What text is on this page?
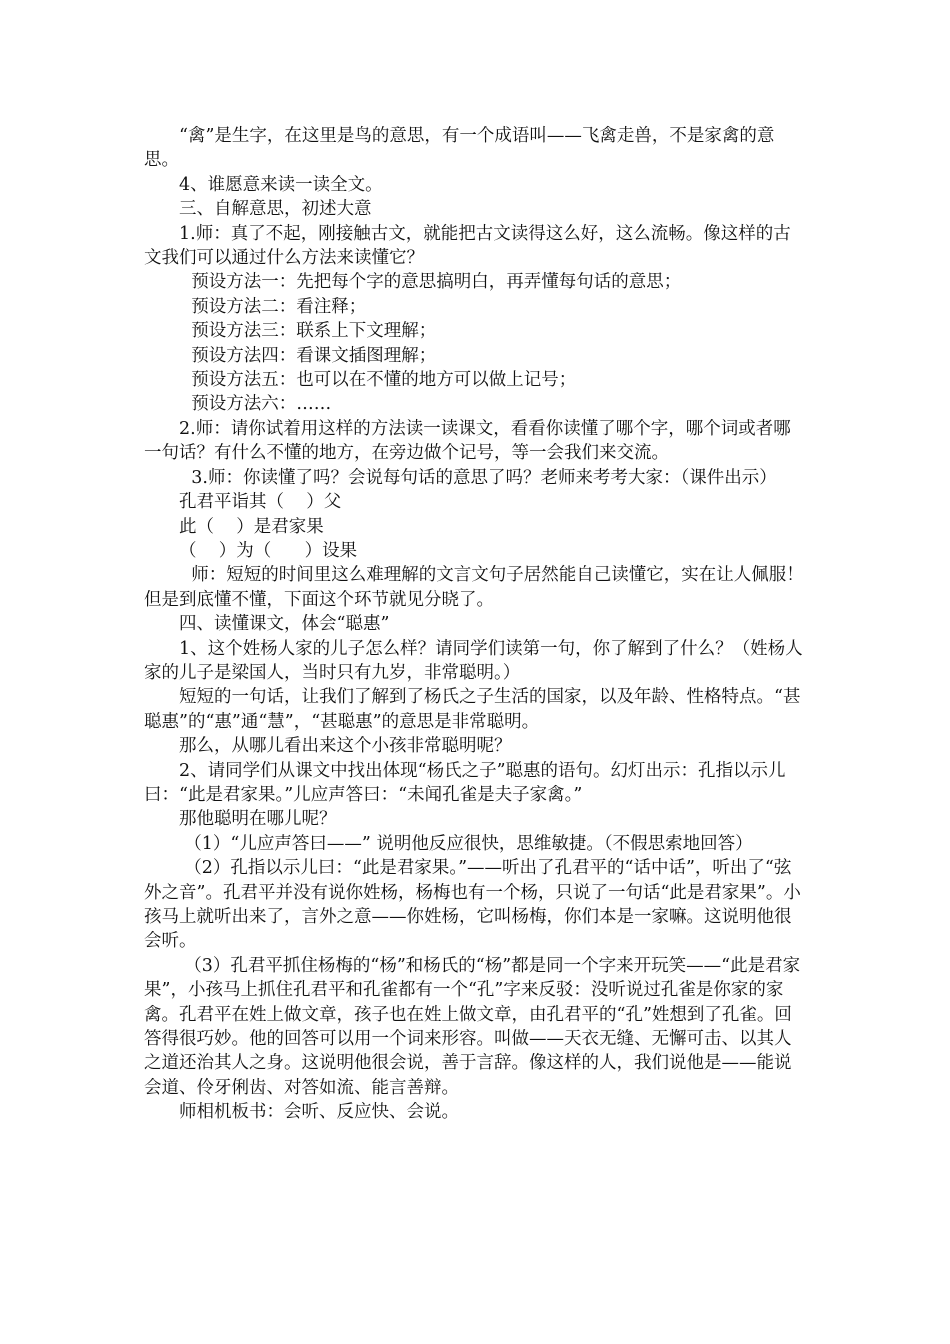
“禽”是生字，在这里是鸟的意思，有一个成语叫——飞禽走兽，不是家禽的意思。

4、谁愿意来读一读全文。

三、自解意思，初述大意

1.师：真了不起，刚接触古文，就能把古文读得这么好，这么流畅。像这样的古文我们可以通过什么方法来读懂它？

预设方法一：先把每个字的意思搞明白，再弄懂每句话的意思；

预设方法二：看注释；

预设方法三：联系上下文理解；

预设方法四：看课文插图理解；

预设方法五：也可以在不懂的地方可以做上记号；

预设方法六：……

2.师：请你试着用这样的方法读一读课文，看看你读懂了哪个字，哪个词或者哪一句话？有什么不懂的地方，在旁边做个记号，等一会我们来交流。

3.师：你读懂了吗？会说每句话的意思了吗？老师来考考大家：（课件出示）

孔君平诣其（    ）父

此（    ）是君家果

（    ）为（      ）设果

师：短短的时间里这么难理解的文言文句子居然能自己读懂它，实在让人佩服！但是到底懂不懂，下面这个环节就见分晓了。

四、读懂课文，体会“聪惠”

1、这个姓杨人家的儿子怎么样？请同学们读第一句，你了解到了什么？（姓杨人家的儿子是梁国人，当时只有九岁，非常聪明。）

短短的一句话，让我们了解到了杨氏之子生活的国家，以及年龄、性格特点。“甚聪惠”的“惠”通“慧”，“甚聪惠”的意思是非常聪明。

那么，从哪儿看出来这个小孩非常聪明呢？

2、请同学们从课文中找出体现“杨氏之子”聪惠的语句。幻灯出示：孔指以示儿曰：“此是君家果。”儿应声答曰：“未闻孔雀是夫子家禽。”

那他聪明在哪儿呢？

（1）“儿应声答曰——” 说明他反应很快，思维敏捷。（不假思索地回答）

（2）孔指以示儿曰：“此是君家果。”——听出了孔君平的“话中话”，听出了“弦外之音”。孔君平并没有说你姓杨，杨梅也有一个杨，只说了一句话“此是君家果”。小孩马上就听出来了，言外之意——你姓杨，它叫杨梅，你们本是一家嘛。这说明他很会听。

（3）孔君平抓住杨梅的“杨”和杨氏的“杨”都是同一个字来开玩笑——“此是君家果”，小孩马上抓住孔君平和孔雀都有一个“孔”字来反驳：没听说过孔雀是你家的家禽。孔君平在姓上做文章，孩子也在姓上做文章，由孔君平的“孔”姓想到了孔雀。回答得很巧妙。他的回答可以用一个词来形容。叫做——天衣无缝、无懈可击、以其人之道还治其人之身。这说明他很会说，善于言辞。像这样的人，我们说他是——能说会道、伶牙俐齿、对答如流、能言善辩。

师相机板书：会听、反应快、会说。
